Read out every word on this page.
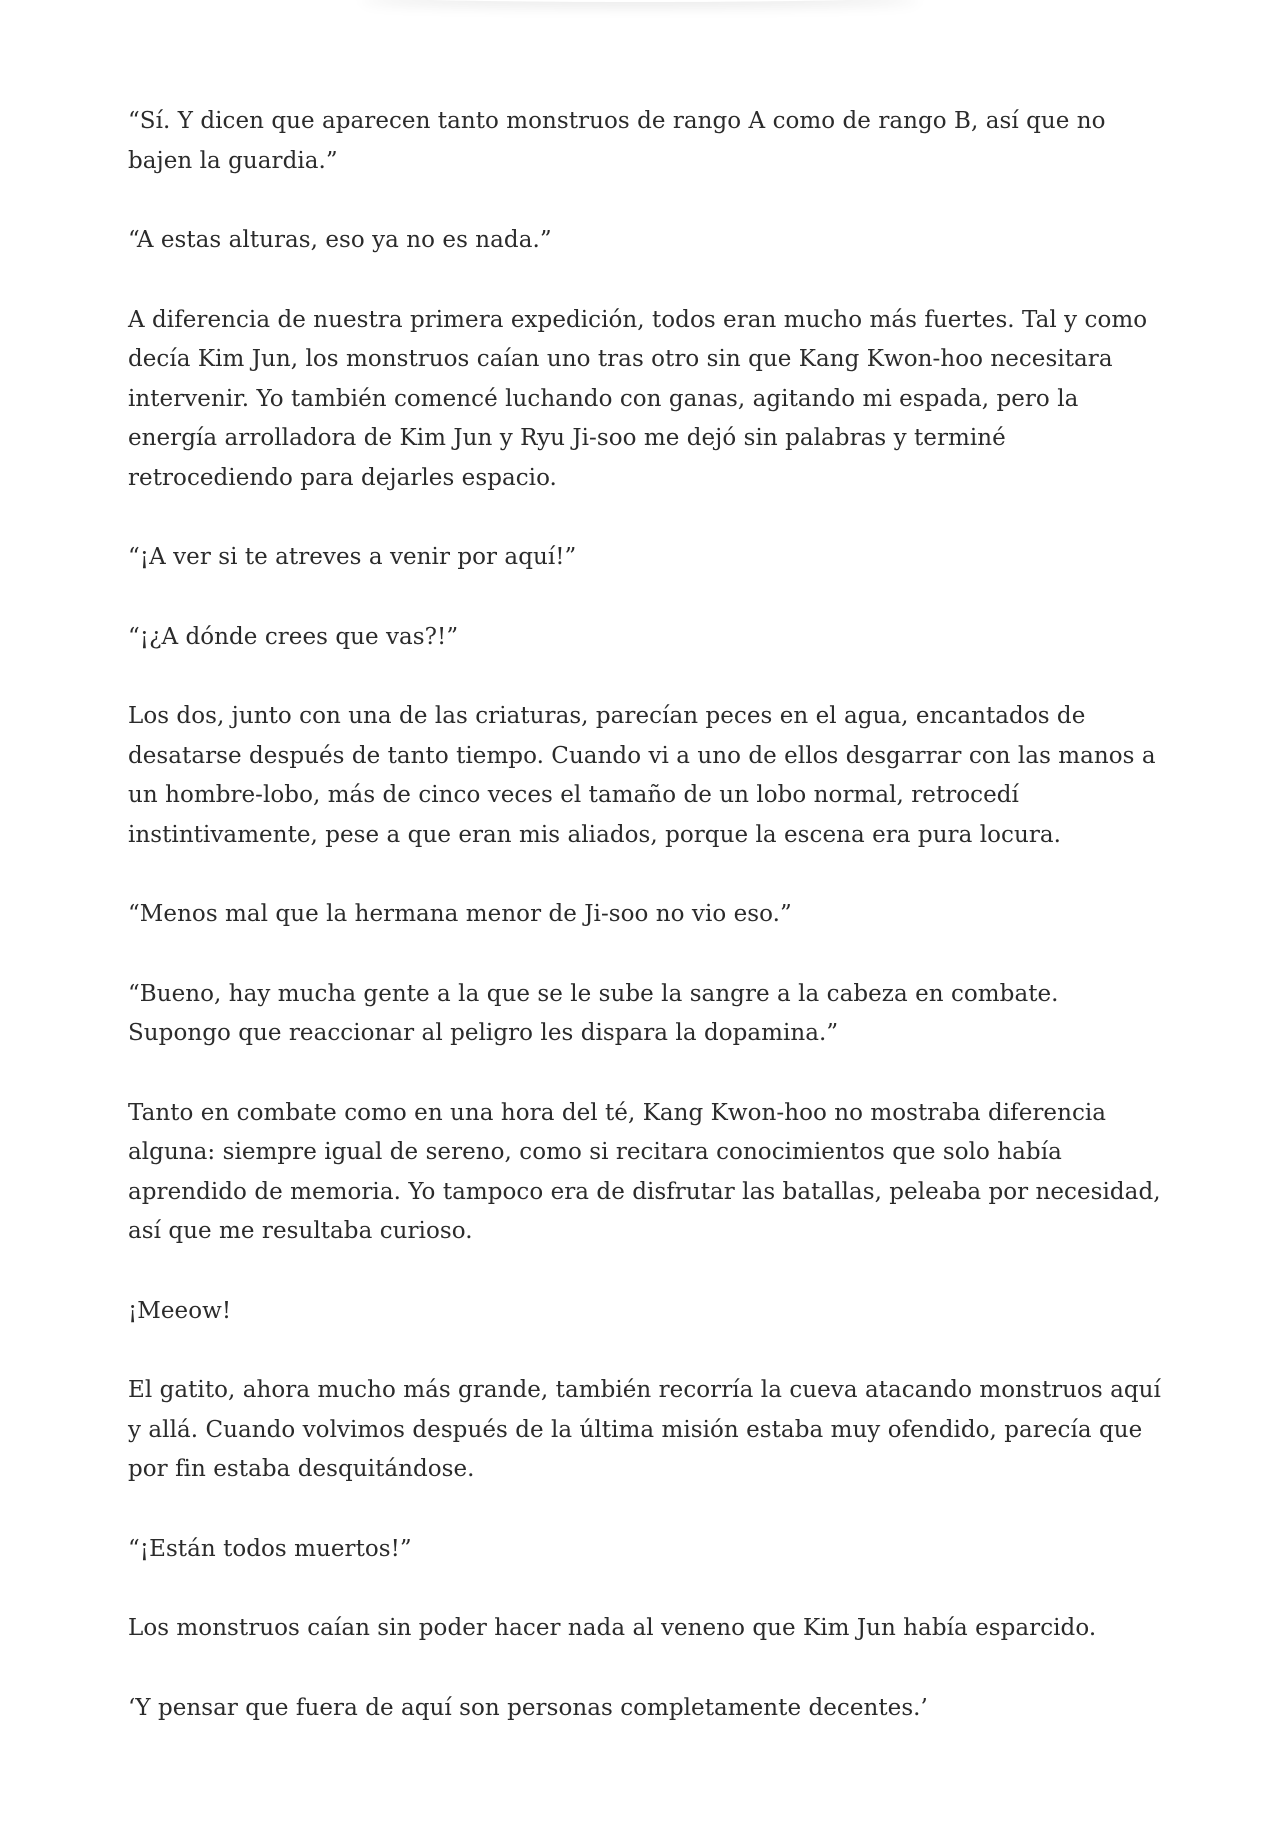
“Sí. Y dicen que aparecen tanto monstruos de rango A como de rango B, así que no bajen la guardia.”

“A estas alturas, eso ya no es nada.”

A diferencia de nuestra primera expedición, todos eran mucho más fuertes. Tal y como decía Kim Jun, los monstruos caían uno tras otro sin que Kang Kwon-hoo necesitara intervenir. Yo también comencé luchando con ganas, agitando mi espada, pero la energía arrolladora de Kim Jun y Ryu Ji-soo me dejó sin palabras y terminé retrocediendo para dejarles espacio.

“¡A ver si te atreves a venir por aquí!”

“¡¿A dónde crees que vas?!”

Los dos, junto con una de las criaturas, parecían peces en el agua, encantados de desatarse después de tanto tiempo. Cuando vi a uno de ellos desgarrar con las manos a un hombre-lobo, más de cinco veces el tamaño de un lobo normal, retrocedí instintivamente, pese a que eran mis aliados, porque la escena era pura locura.

“Menos mal que la hermana menor de Ji-soo no vio eso.”

“Bueno, hay mucha gente a la que se le sube la sangre a la cabeza en combate. Supongo que reaccionar al peligro les dispara la dopamina.”

Tanto en combate como en una hora del té, Kang Kwon-hoo no mostraba diferencia alguna: siempre igual de sereno, como si recitara conocimientos que solo había aprendido de memoria. Yo tampoco era de disfrutar las batallas, peleaba por necesidad, así que me resultaba curioso.

¡Meeow!

El gatito, ahora mucho más grande, también recorría la cueva atacando monstruos aquí y allá. Cuando volvimos después de la última misión estaba muy ofendido, parecía que por fin estaba desquitándose.

“¡Están todos muertos!”

Los monstruos caían sin poder hacer nada al veneno que Kim Jun había esparcido.

‘Y pensar que fuera de aquí son personas completamente decentes.’
